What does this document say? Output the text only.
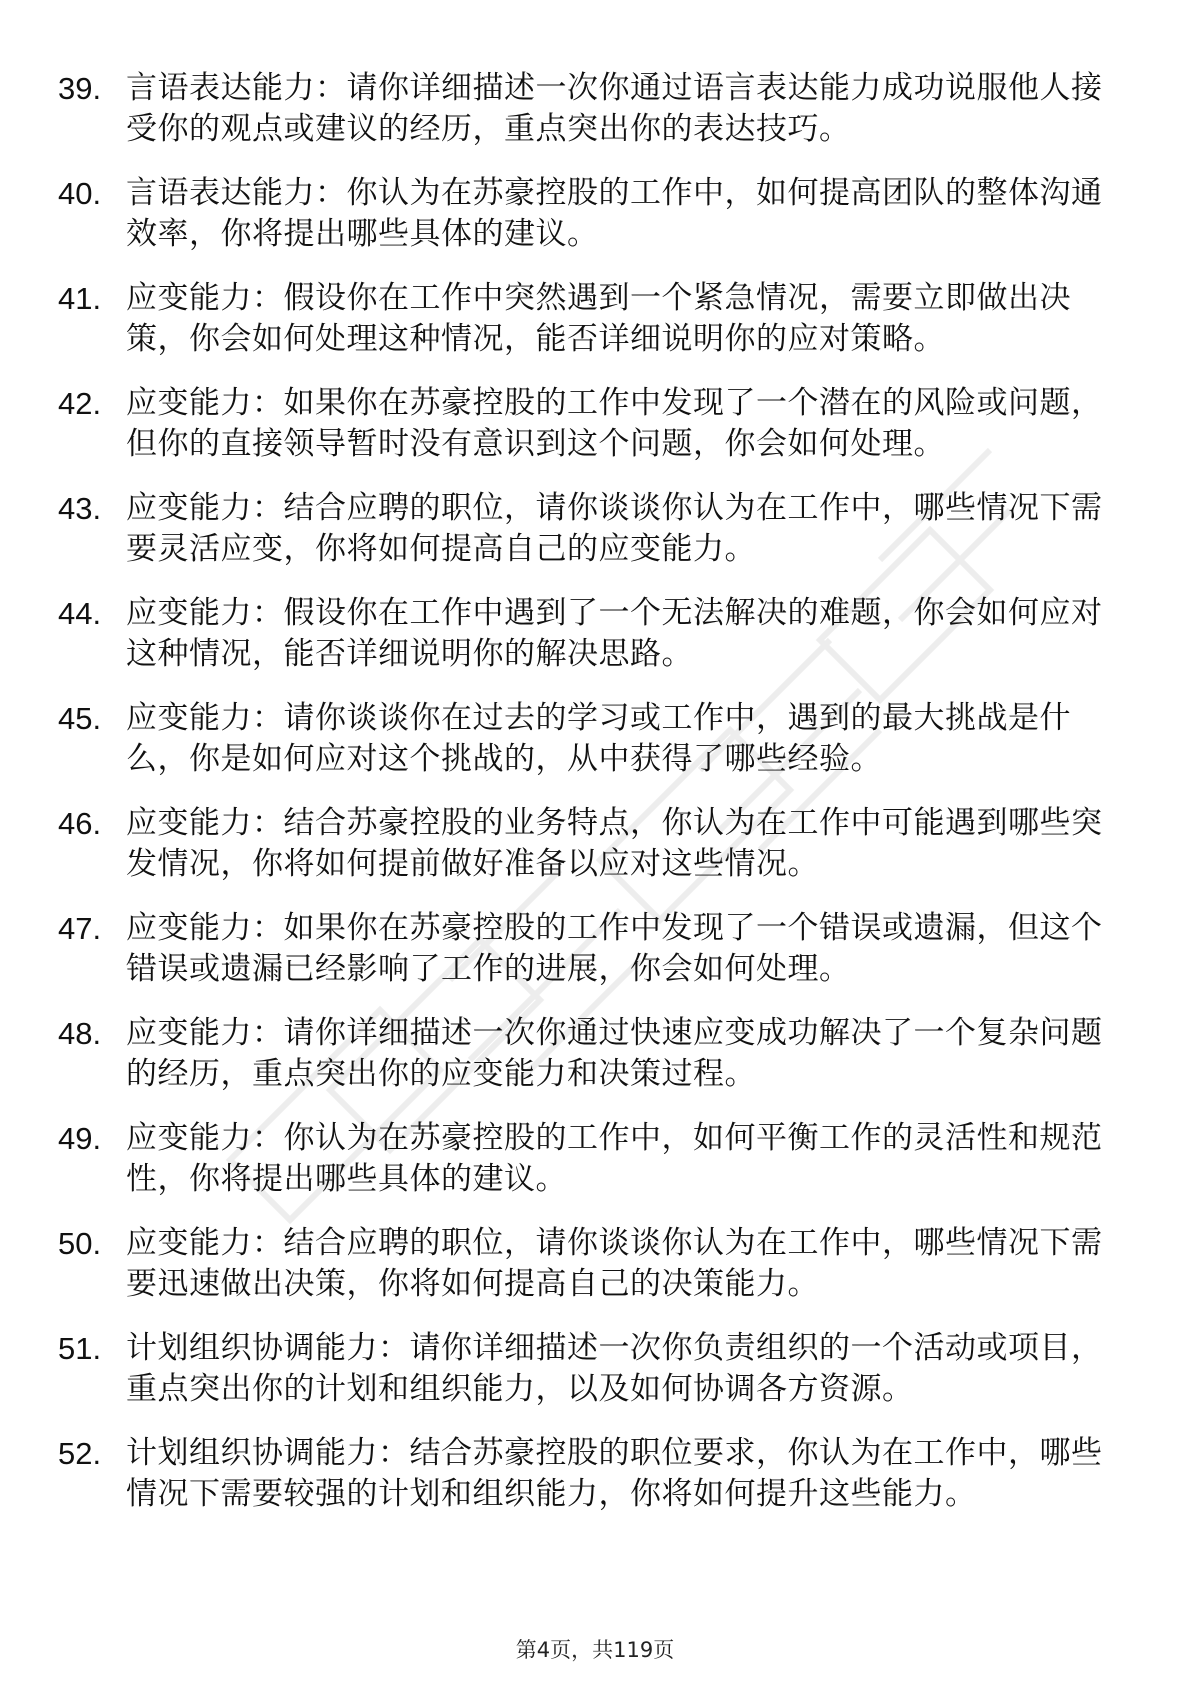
39. 言语表达能力：请你详细描述一次你通过语言表达能力成功说服他人接受你的观点或建议的经历，重点突出你的表达技巧。
40. 言语表达能力：你认为在苏豪控股的工作中，如何提高团队的整体沟通效率，你将提出哪些具体的建议。
41. 应变能力：假设你在工作中突然遇到一个紧急情况，需要立即做出决策，你会如何处理这种情况，能否详细说明你的应对策略。
42. 应变能力：如果你在苏豪控股的工作中发现了一个潜在的风险或问题，但你的直接领导暂时没有意识到这个问题，你会如何处理。
43. 应变能力：结合应聘的职位，请你谈谈你认为在工作中，哪些情况下需要灵活应变，你将如何提高自己的应变能力。
44. 应变能力：假设你在工作中遇到了一个无法解决的难题，你会如何应对这种情况，能否详细说明你的解决思路。
45. 应变能力：请你谈谈你在过去的学习或工作中，遇到的最大挑战是什么，你是如何应对这个挑战的，从中获得了哪些经验。
46. 应变能力：结合苏豪控股的业务特点，你认为在工作中可能遇到哪些突发情况，你将如何提前做好准备以应对这些情况。
47. 应变能力：如果你在苏豪控股的工作中发现了一个错误或遗漏，但这个错误或遗漏已经影响了工作的进展，你会如何处理。
48. 应变能力：请你详细描述一次你通过快速应变成功解决了一个复杂问题的经历，重点突出你的应变能力和决策过程。
49. 应变能力：你认为在苏豪控股的工作中，如何平衡工作的灵活性和规范性，你将提出哪些具体的建议。
50. 应变能力：结合应聘的职位，请你谈谈你认为在工作中，哪些情况下需要迅速做出决策，你将如何提高自己的决策能力。
51. 计划组织协调能力：请你详细描述一次你负责组织的一个活动或项目，重点突出你的计划和组织能力，以及如何协调各方资源。
52. 计划组织协调能力：结合苏豪控股的职位要求，你认为在工作中，哪些情况下需要较强的计划和组织能力，你将如何提升这些能力。
第4页，共119页
